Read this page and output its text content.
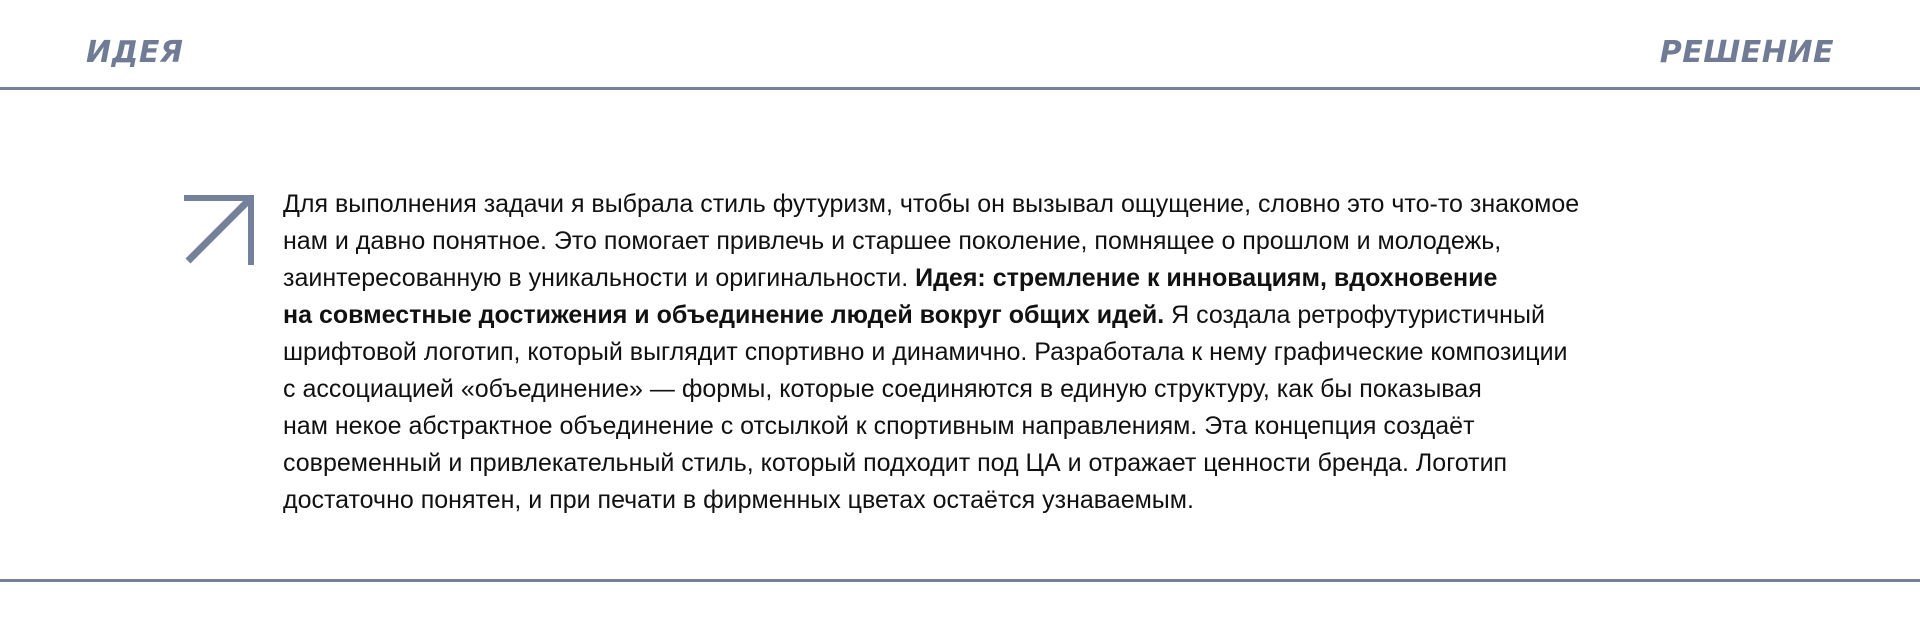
ИДЕЯ	РЕШЕНИЕ

Для выполнения задачи я выбрала стиль футуризм, чтобы он вызывал ощущение, словно это что-то знакомое
нам и давно понятное. Это помогает привлечь и старшее поколение, помнящее о прошлом и молодежь,
заинтересованную в уникальности и оригинальности. Идея: стремление к инновациям, вдохновение
на совместные достижения и объединение людей вокруг общих идей. Я создала ретрофутуристичный
шрифтовой логотип, который выглядит спортивно и динамично. Разработала к нему графические композиции
с ассоциацией «объединение» — формы, которые соединяются в единую структуру, как бы показывая
нам некое абстрактное объединение с отсылкой к спортивным направлениям. Эта концепция создаёт
современный и привлекательный стиль, который подходит под ЦА и отражает ценности бренда. Логотип
достаточно понятен, и при печати в фирменных цветах остаётся узнаваемым.
